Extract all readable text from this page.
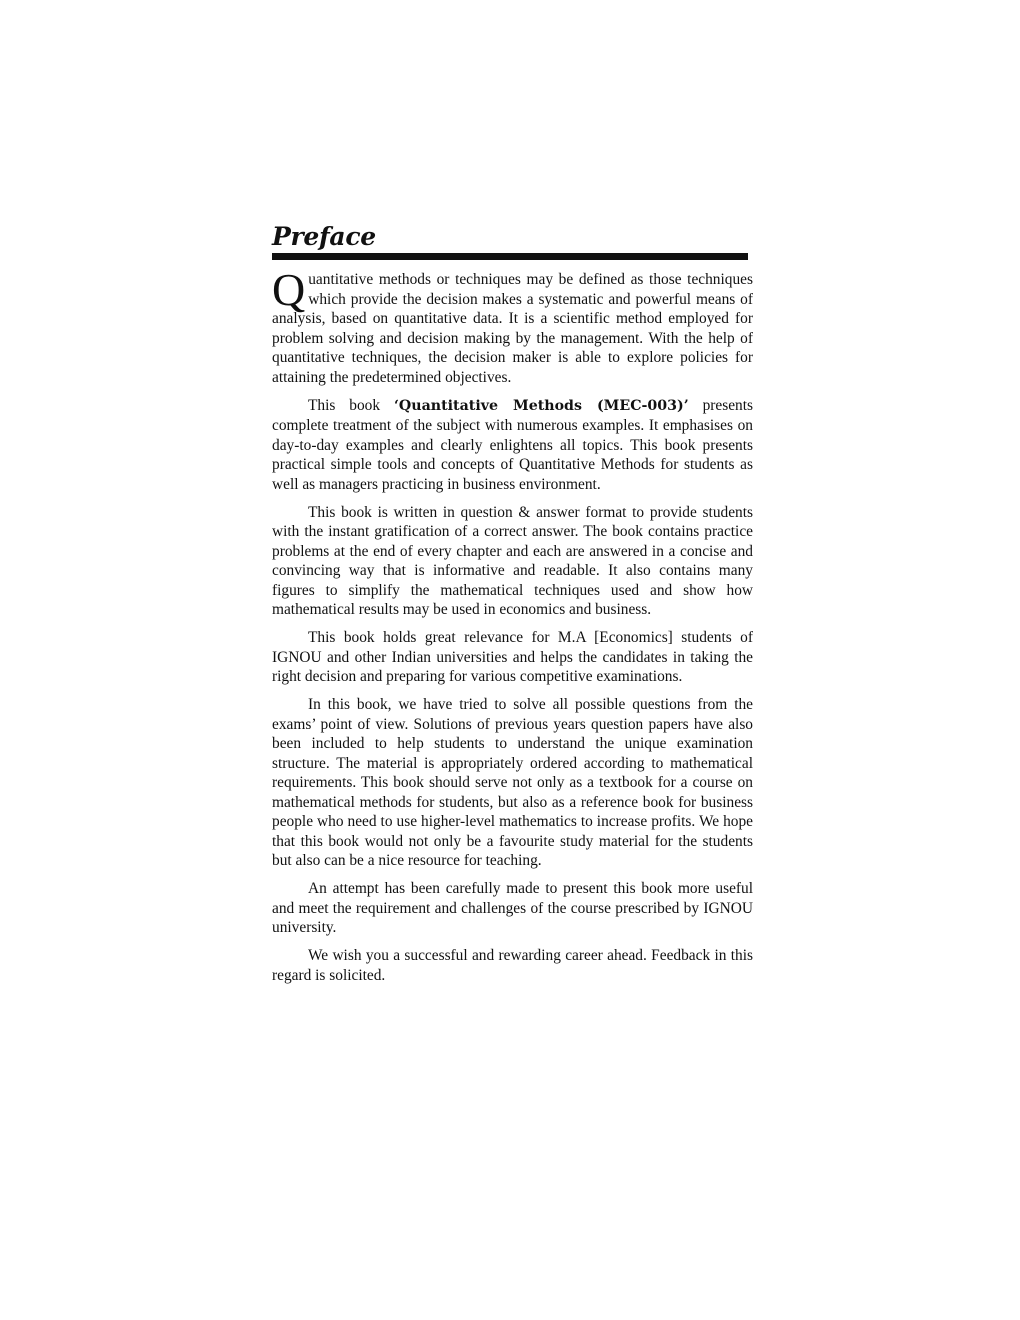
Preface

Quantitative methods or techniques may be defined as those techniques which provide the decision makes a systematic and powerful means of analysis, based on quantitative data. It is a scientific method employed for problem solving and decision making by the management. With the help of quantitative techniques, the decision maker is able to explore policies for attaining the predetermined objectives.

This book ‘Quantitative Methods (MEC-003)’ presents complete treatment of the subject with numerous examples. It emphasises on day-to-day examples and clearly enlightens all topics. This book presents practical simple tools and concepts of Quantitative Methods for students as well as managers practicing in business environment.

This book is written in question & answer format to provide students with the instant gratification of a correct answer. The book contains practice problems at the end of every chapter and each are answered in a concise and convincing way that is informative and readable. It also contains many figures to simplify the mathematical techniques used and show how mathematical results may be used in economics and business.

This book holds great relevance for M.A [Economics] students of IGNOU and other Indian universities and helps the candidates in taking the right decision and preparing for various competitive examinations.

In this book, we have tried to solve all possible questions from the exams’ point of view. Solutions of previous years question papers have also been included to help students to understand the unique examination structure. The material is appropriately ordered according to mathematical requirements. This book should serve not only as a textbook for a course on mathematical methods for students, but also as a reference book for business people who need to use higher-level mathematics to increase profits. We hope that this book would not only be a favourite study material for the students but also can be a nice resource for teaching.

An attempt has been carefully made to present this book more useful and meet the requirement and challenges of the course prescribed by IGNOU university.

We wish you a successful and rewarding career ahead. Feedback in this regard is solicited.
